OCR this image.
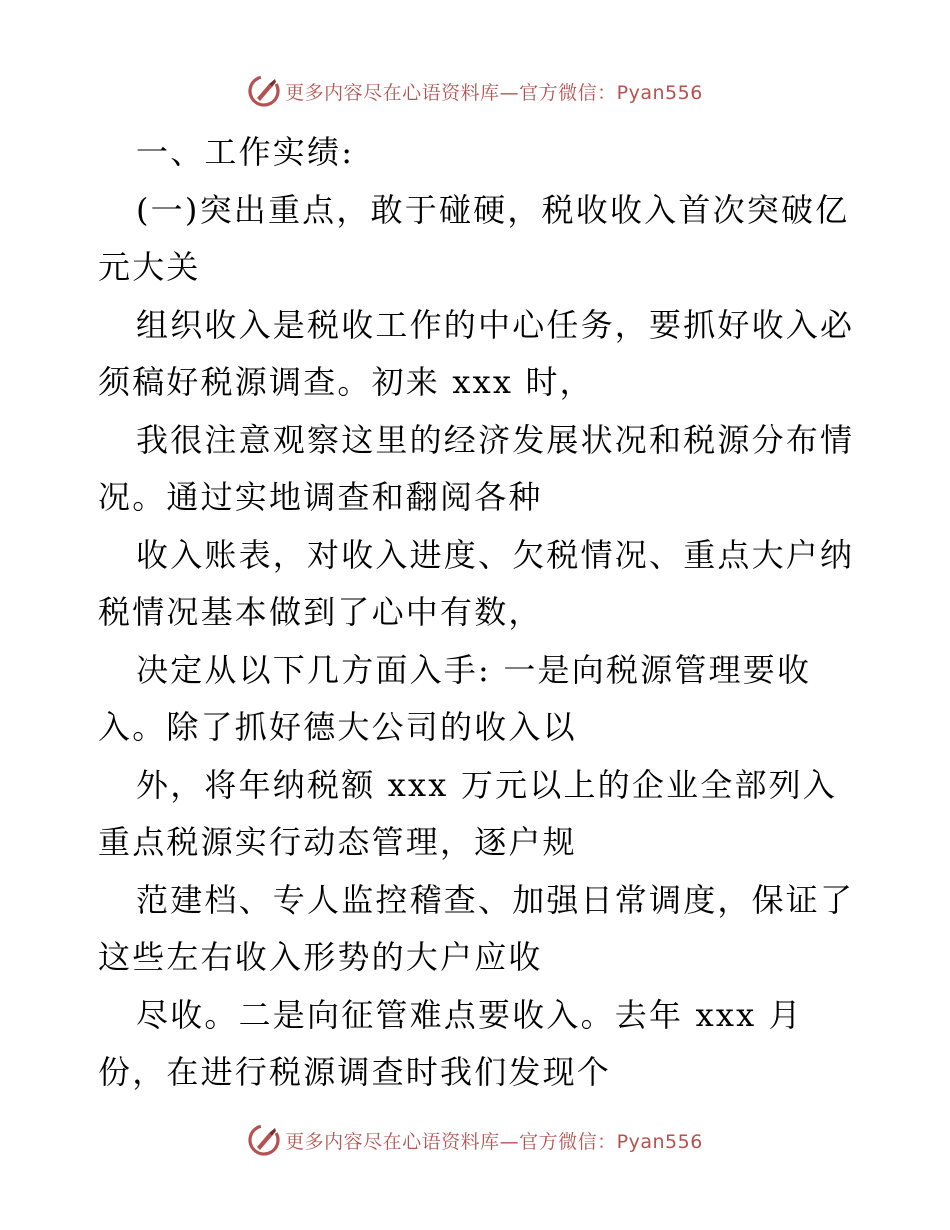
更多内容尽在心语资料库—官方微信：Pyan556
一、工作实绩:
(一)突出重点，敢于碰硬，税收收入首次突破亿
元大关
组织收入是税收工作的中心任务，要抓好收入必
须稿好税源调查。初来 xxx 时，
我很注意观察这里的经济发展状况和税源分布情
况。通过实地调查和翻阅各种
收入账表，对收入进度、欠税情况、重点大户纳
税情况基本做到了心中有数，
决定从以下几方面入手: 一是向税源管理要收
入。除了抓好德大公司的收入以
外，将年纳税额 xxx 万元以上的企业全部列入
重点税源实行动态管理，逐户规
范建档、专人监控稽查、加强日常调度，保证了
这些左右收入形势的大户应收
尽收。二是向征管难点要收入。去年 xxx 月
份，在进行税源调查时我们发现个
更多内容尽在心语资料库—官方微信：Pyan556
